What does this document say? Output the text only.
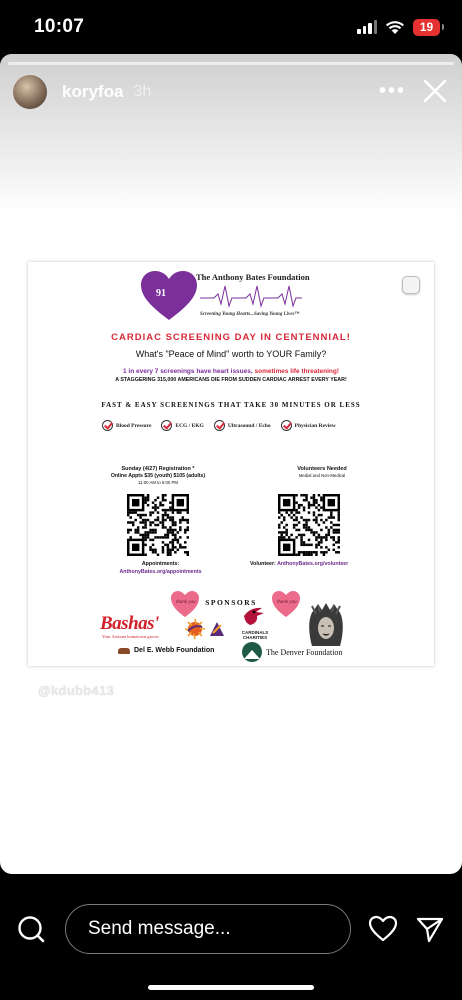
10:07	19
koryfoa 3h	•••
91
The Anthony Bates Foundation
Screening Young Hearts...Saving Young Lives™
CARDIAC SCREENING DAY IN CENTENNIAL!
What's "Peace of Mind" worth to YOUR Family?
1 in every 7 screenings have heart issues, sometimes life threatening!
A STAGGERING 315,000 AMERICANS DIE FROM SUDDEN CARDIAC ARREST EVERY YEAR!
FAST & EASY SCREENINGS THAT TAKE 30 MINUTES OR LESS
Blood Pressure	ECG / EKG	Ultrasound / Echo	Physician Review
Sunday (4/27) Registration *
Online Appts $35 (youth) $105 (adults)
11:00 AM to 5:00 PM
Volunteers Needed
Medial and Non-Medical
Appointments:
AnthonyBates.org/appointments
Volunteer: AnthonyBates.org/volunteer
SPONSORS
thank you	thank you
Bashas'
Your Arizona hometown grocer
CARDINALS CHARITIES
Del E. Webb Foundation	The Denver Foundation
@kdubb413
Send message...
